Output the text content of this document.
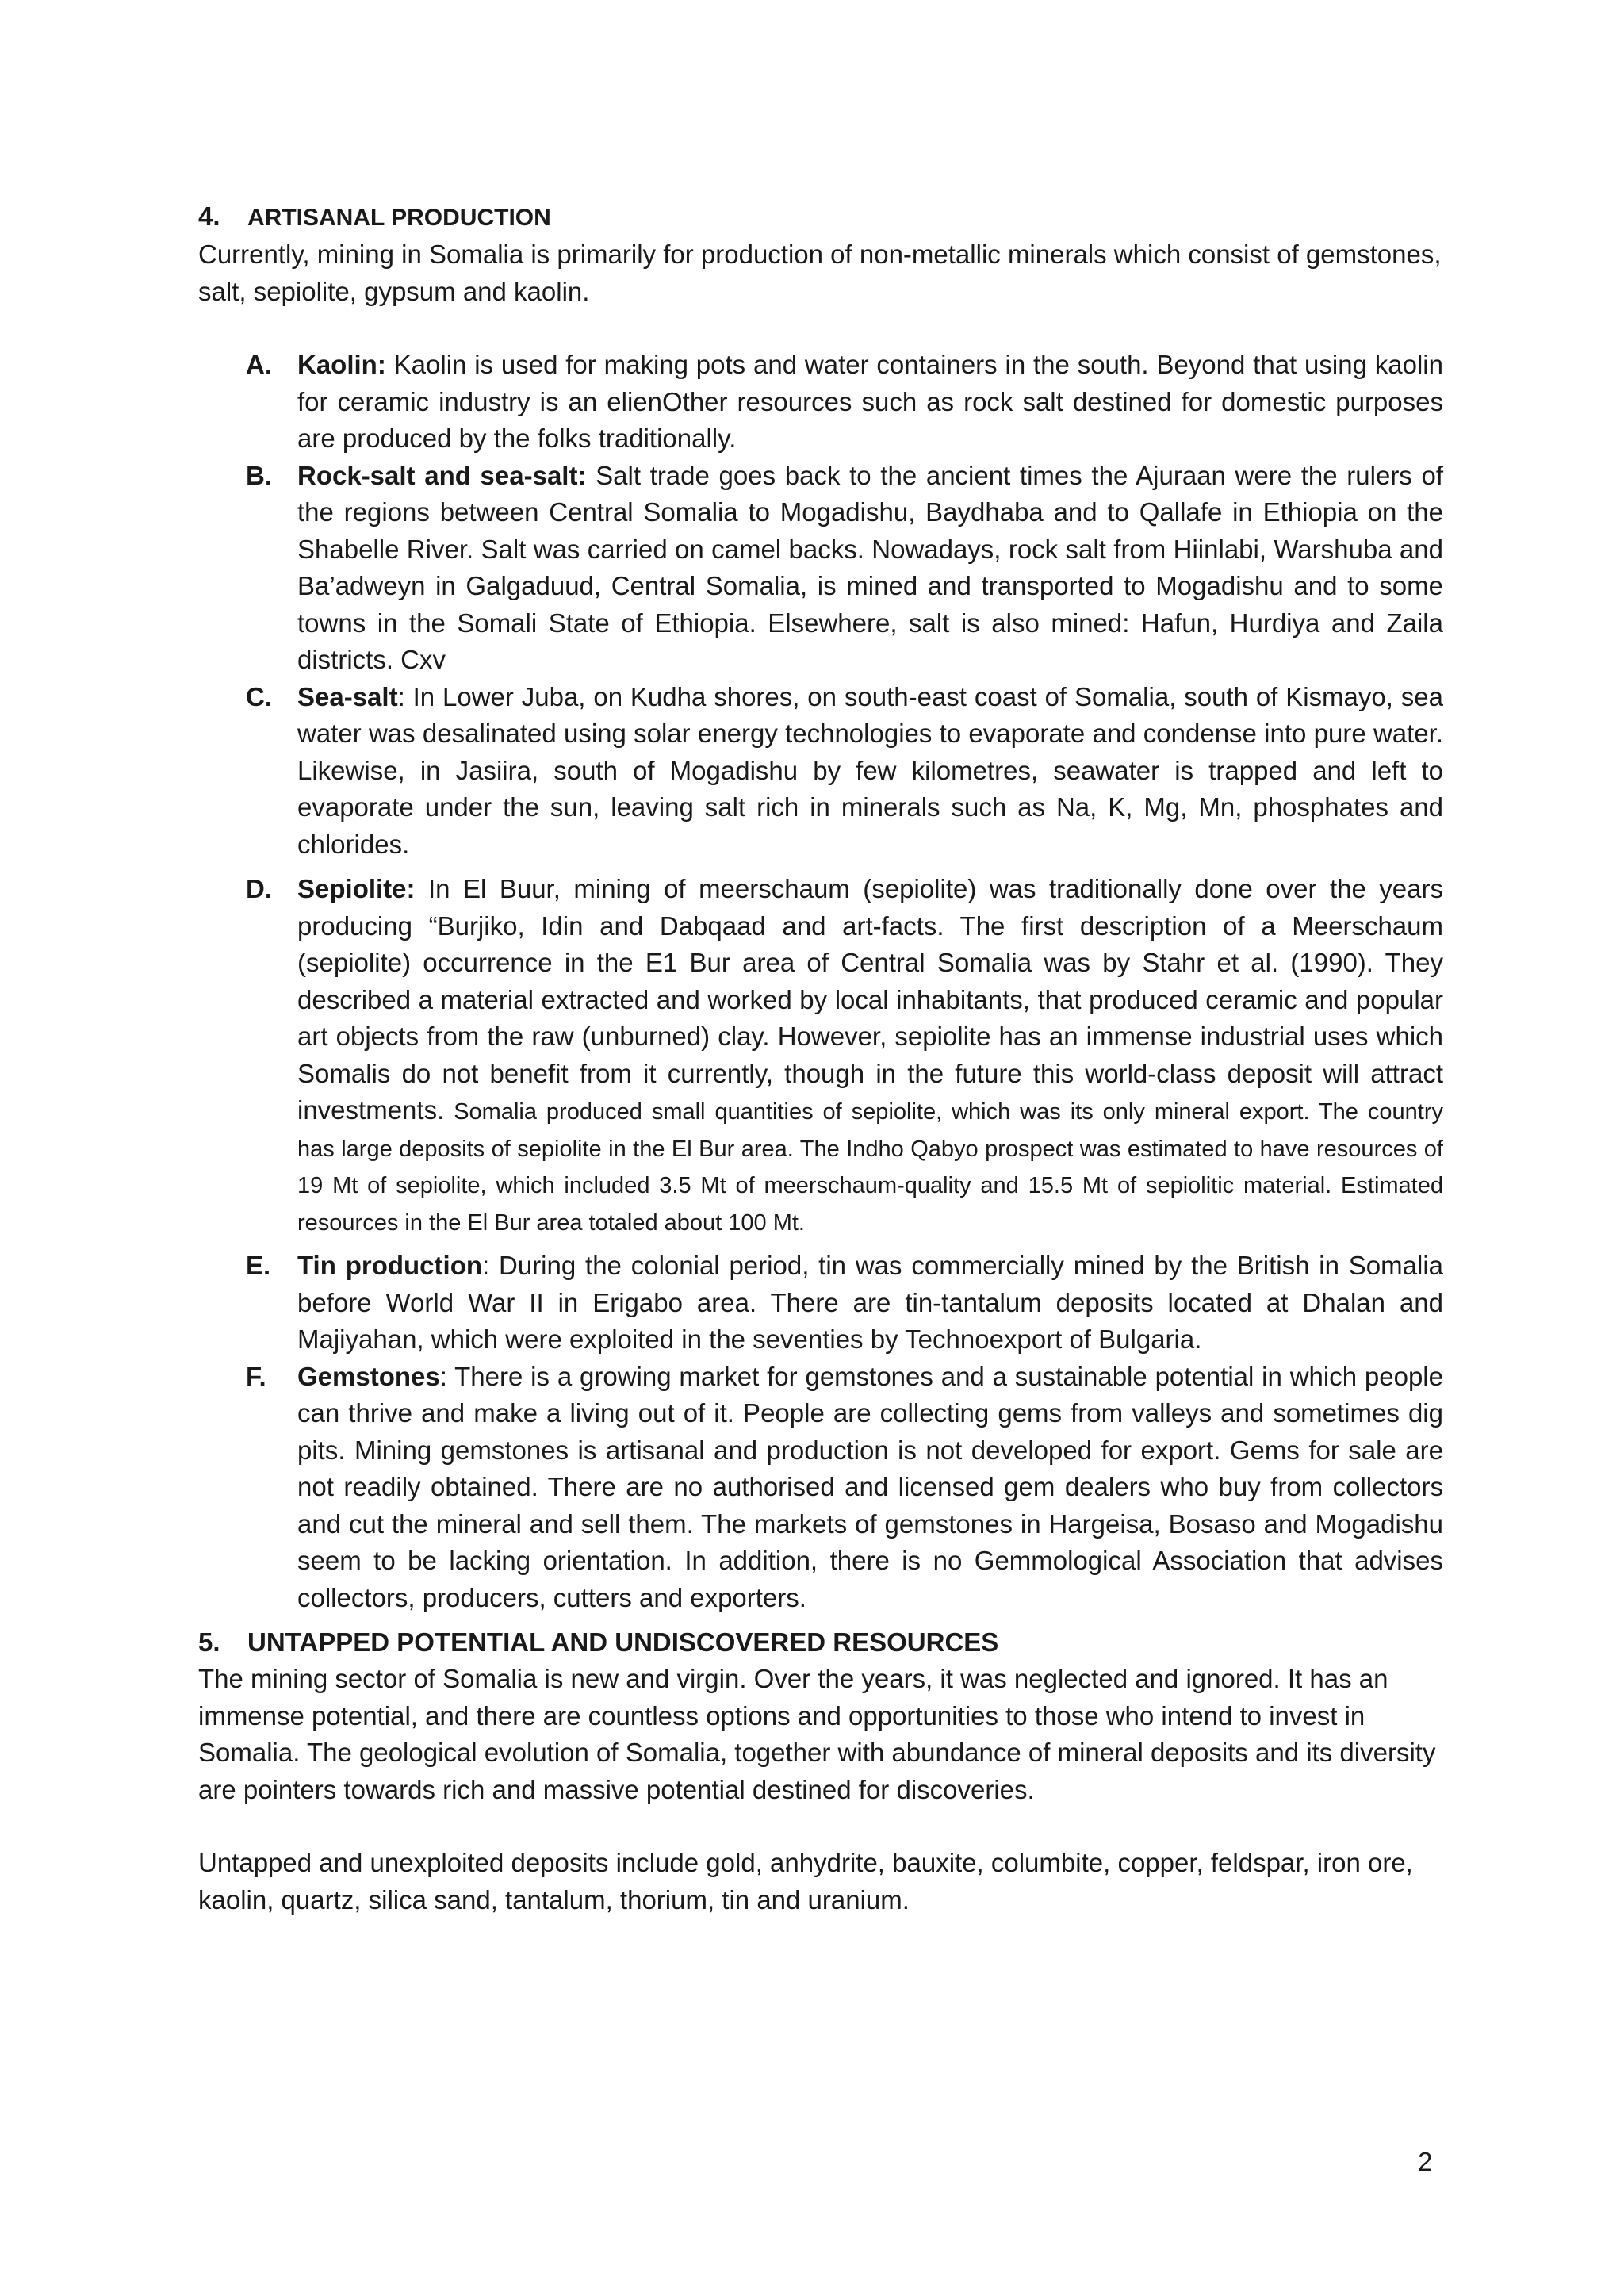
4. ARTISANAL PRODUCTION

Currently, mining in Somalia is primarily for production of non-metallic minerals which consist of gemstones, salt, sepiolite, gypsum and kaolin.

A. Kaolin: Kaolin is used for making pots and water containers in the south. Beyond that using kaolin for ceramic industry is an elienOther resources such as rock salt destined for domestic purposes are produced by the folks traditionally.
B. Rock-salt and sea-salt: Salt trade goes back to the ancient times the Ajuraan were the rulers of the regions between Central Somalia to Mogadishu, Baydhaba and to Qallafe in Ethiopia on the Shabelle River. Salt was carried on camel backs. Nowadays, rock salt from Hiinlabi, Warshuba and Ba’adweyn in Galgaduud, Central Somalia, is mined and transported to Mogadishu and to some towns in the Somali State of Ethiopia. Elsewhere, salt is also mined: Hafun, Hurdiya and Zaila districts. Cxv
C. Sea-salt: In Lower Juba, on Kudha shores, on south-east coast of Somalia, south of Kismayo, sea water was desalinated using solar energy technologies to evaporate and condense into pure water. Likewise, in Jasiira, south of Mogadishu by few kilometres, seawater is trapped and left to evaporate under the sun, leaving salt rich in minerals such as Na, K, Mg, Mn, phosphates and chlorides.
D. Sepiolite: In El Buur, mining of meerschaum (sepiolite) was traditionally done over the years producing “Burjiko, Idin and Dabqaad and art-facts. The first description of a Meerschaum (sepiolite) occurrence in the E1 Bur area of Central Somalia was by Stahr et al. (1990). They described a material extracted and worked by local inhabitants, that produced ceramic and popular art objects from the raw (unburned) clay. However, sepiolite has an immense industrial uses which Somalis do not benefit from it currently, though in the future this world-class deposit will attract investments. Somalia produced small quantities of sepiolite, which was its only mineral export. The country has large deposits of sepiolite in the El Bur area. The Indho Qabyo prospect was estimated to have resources of 19 Mt of sepiolite, which included 3.5 Mt of meerschaum-quality and 15.5 Mt of sepiolitic material. Estimated resources in the El Bur area totaled about 100 Mt.
E. Tin production: During the colonial period, tin was commercially mined by the British in Somalia before World War II in Erigabo area. There are tin-tantalum deposits located at Dhalan and Majiyahan, which were exploited in the seventies by Technoexport of Bulgaria.
F. Gemstones: There is a growing market for gemstones and a sustainable potential in which people can thrive and make a living out of it. People are collecting gems from valleys and sometimes dig pits. Mining gemstones is artisanal and production is not developed for export. Gems for sale are not readily obtained. There are no authorised and licensed gem dealers who buy from collectors and cut the mineral and sell them. The markets of gemstones in Hargeisa, Bosaso and Mogadishu seem to be lacking orientation. In addition, there is no Gemmological Association that advises collectors, producers, cutters and exporters.
5. UNTAPPED POTENTIAL AND UNDISCOVERED RESOURCES

The mining sector of Somalia is new and virgin. Over the years, it was neglected and ignored. It has an immense potential, and there are countless options and opportunities to those who intend to invest in Somalia. The geological evolution of Somalia, together with abundance of mineral deposits and its diversity are pointers towards rich and massive potential destined for discoveries.

Untapped and unexploited deposits include gold, anhydrite, bauxite, columbite, copper, feldspar, iron ore, kaolin, quartz, silica sand, tantalum, thorium, tin and uranium.

2
